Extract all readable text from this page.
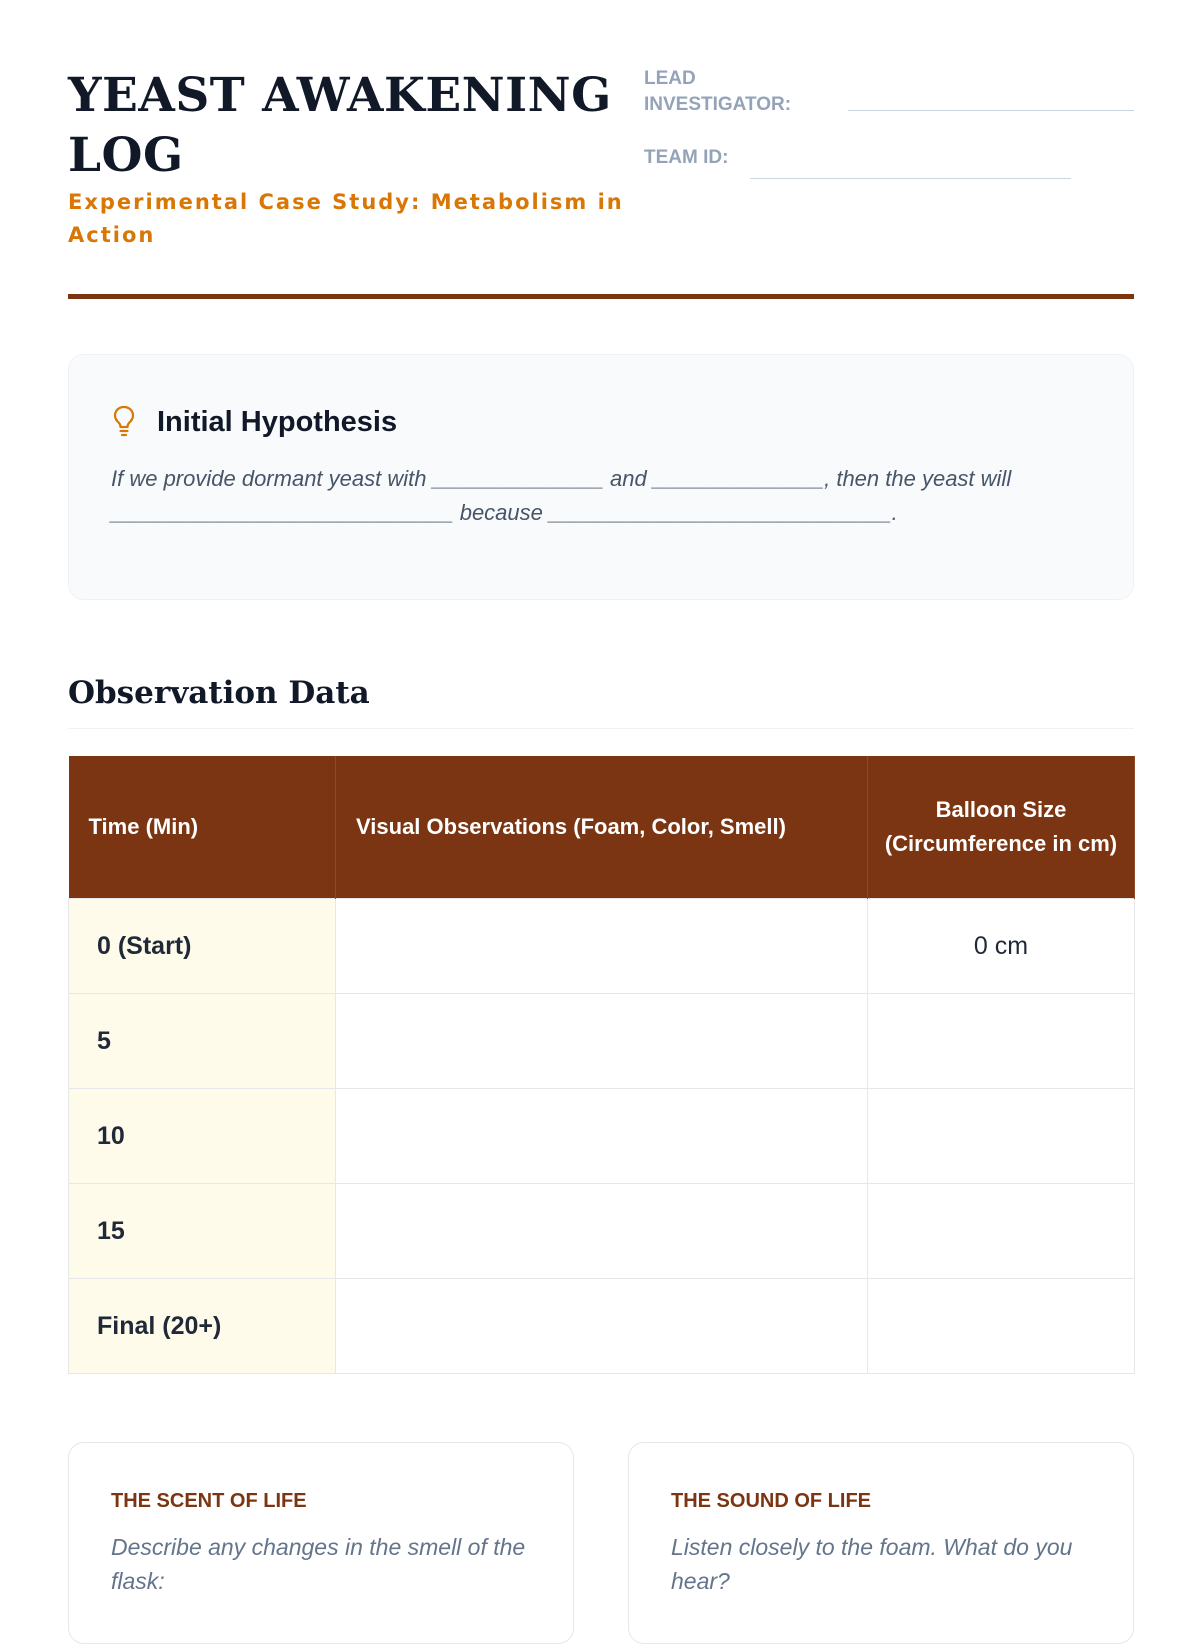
YEAST AWAKENING LOG

Experimental Case Study: Metabolism in Action

LEAD INVESTIGATOR:
TEAM ID:
Initial Hypothesis

If we provide dormant yeast with ______________ and ______________, then the yeast will ____________________________ because ____________________________.

Observation Data
Time (Min)	Visual Observations (Foam, Color, Smell)	Balloon Size (Circumference in cm)
0 (Start)		0 cm
5		
10		
15		
Final (20+)		
THE SCENT OF LIFE

Describe any changes in the smell of the flask:

THE SOUND OF LIFE

Listen closely to the foam. What do you hear?
